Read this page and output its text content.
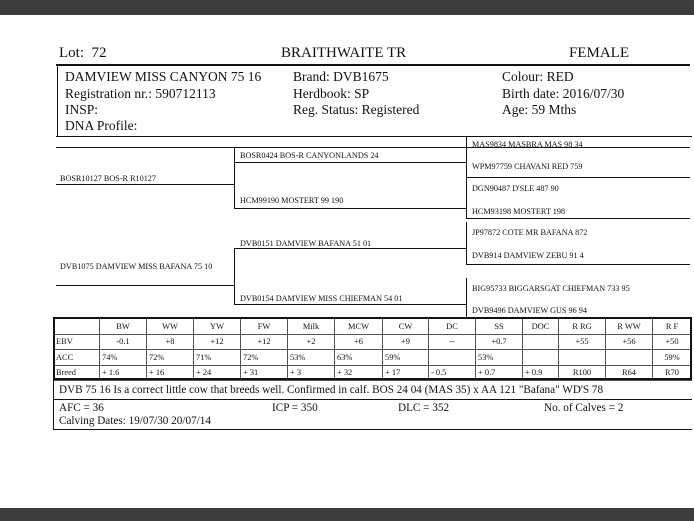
Lot: 72	BRAITHWAITE TR	FEMALE
DAMVIEW MISS CANYON 75 16
Registration nr.: 590712113
INSP:
DNA Profile:
Brand: DVB1675
Herdbook: SP
Reg. Status: Registered
Colour: RED
Birth date: 2016/07/30
Age: 59 Mths
BOSR10127 BOS-R R10127
BOSR0424 BOS-R CANYONLANDS 24
HCM99190 MOSTERT 99 190
MAS9834 MASBRA MAS 98 34
WPM97759 CHAVANI RED 759
DGN90487 D'SLE 487 90
HCM93198 MOSTERT 198
DVB1075 DAMVIEW MISS BAFANA 75 10
DVB0151 DAMVIEW BAFANA 51 01
DVB0154 DAMVIEW MISS CHIEFMAN 54 01
JP97872 COTE MR BAFANA 872
DVB914 DAMVIEW ZEBU 91 4
BIG95733 BIGGARSGAT CHIEFMAN 733 95
DVB9496 DAMVIEW GUS 96 94
	BW	WW	YW	FW	Milk	MCW	CW	DC	SS	DOC	R RG	R WW	R F
EBV	-0.1	+8	+12	+12	+2	+6	+9	--	+0.7		+55	+56	+50
ACC	74%	72%	71%	72%	53%	63%	59%		53%				59%
Breed	+ 1.6	+ 16	+ 24	+ 31	+ 3	+ 32	+ 17	- 0.5	+ 0.7	+ 0.9	R100	R64	R70
DVB 75 16 Is a correct little cow that breeds well. Confirmed in calf. BOS 24 04 (MAS 35) x AA 121 "Bafana" WD'S 78
AFC = 36	ICP = 350	DLC = 352	No. of Calves = 2
Calving Dates: 19/07/30 20/07/14
